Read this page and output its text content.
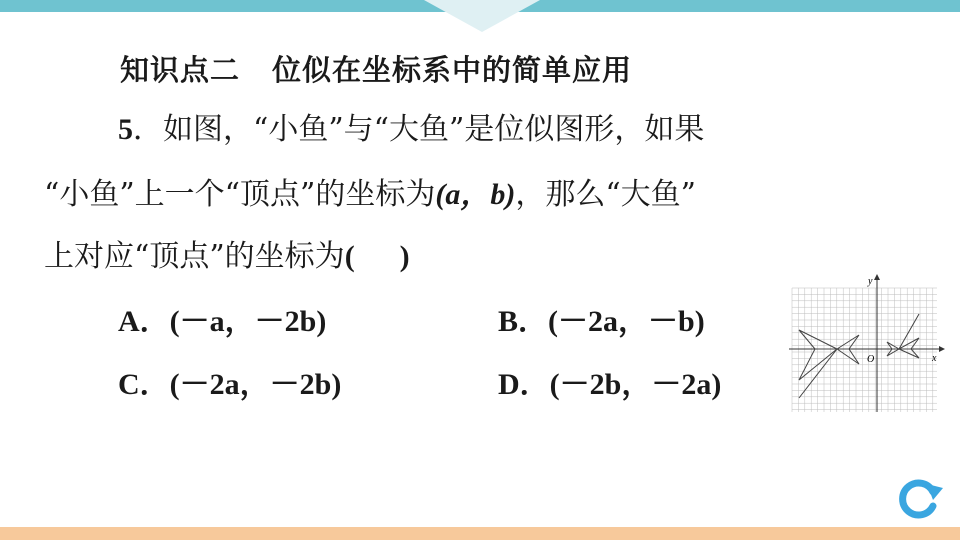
知识点二 位似在坐标系中的简单应用
5．如图，“小鱼”与“大鱼”是位似图形，如果
“小鱼”上一个“顶点”的坐标为(a，b)，那么“大鱼”
上对应“顶点”的坐标为(      )
A．(－a，－2b)	B．(－2a，－b)
C．(－2a，－2b)	D．(－2b，－2a)
x
y
O
